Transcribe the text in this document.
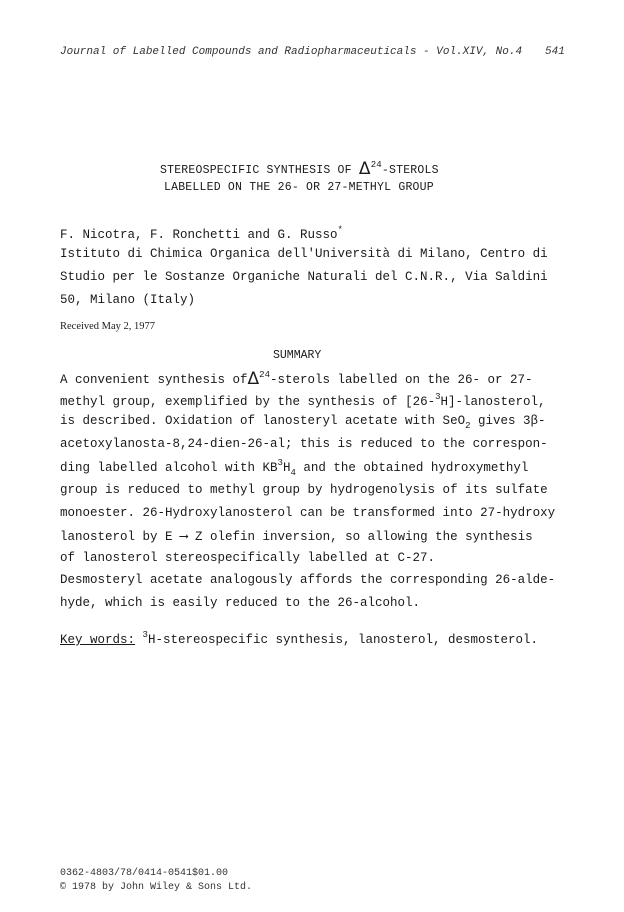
Journal of Labelled Compounds and Radiopharmaceuticals - Vol.XIV, No.4 541
STEREOSPECIFIC SYNTHESIS OF $\Delta^{24}$-STEROLS
LABELLED ON THE 26- OR 27-METHYL GROUP
F. Nicotra, F. Ronchetti and G. Russo*
Istituto di Chimica Organica dell'Università di Milano, Centro di
Studio per le Sostanze Organiche Naturali del C.N.R., Via Saldini
50, Milano (Italy)
Received May 2, 1977
SUMMARY
A convenient synthesis ofΔ$^{24}$-sterols labelled on the 26- or 27-
methyl group, exemplified by the synthesis of [26-$^3$H]-lanosterol,
is described. Oxidation of lanosteryl acetate with SeO$_2$ gives 3β-
acetoxylanosta-8,24-dien-26-al; this is reduced to the correspon-
ding labelled alcohol with $KB^3H_4$ and the obtained hydroxymethyl
group is reduced to methyl group by hydrogenolysis of its sulfate
monoester. 26-Hydroxylanosterol can be transformed into 27-hydroxy
lanosterol by E ⟶ Z olefin inversion, so allowing the synthesis
of lanosterol stereospecifically labelled at C-27.
Desmosteryl acetate analogously affords the corresponding 26-alde-
hyde, which is easily reduced to the 26-alcohol.
Key words: $^3$H-stereospecific synthesis, lanosterol, desmosterol.
0362-4803/78/0414-0541$01.00
© 1978 by John Wiley & Sons Ltd.
